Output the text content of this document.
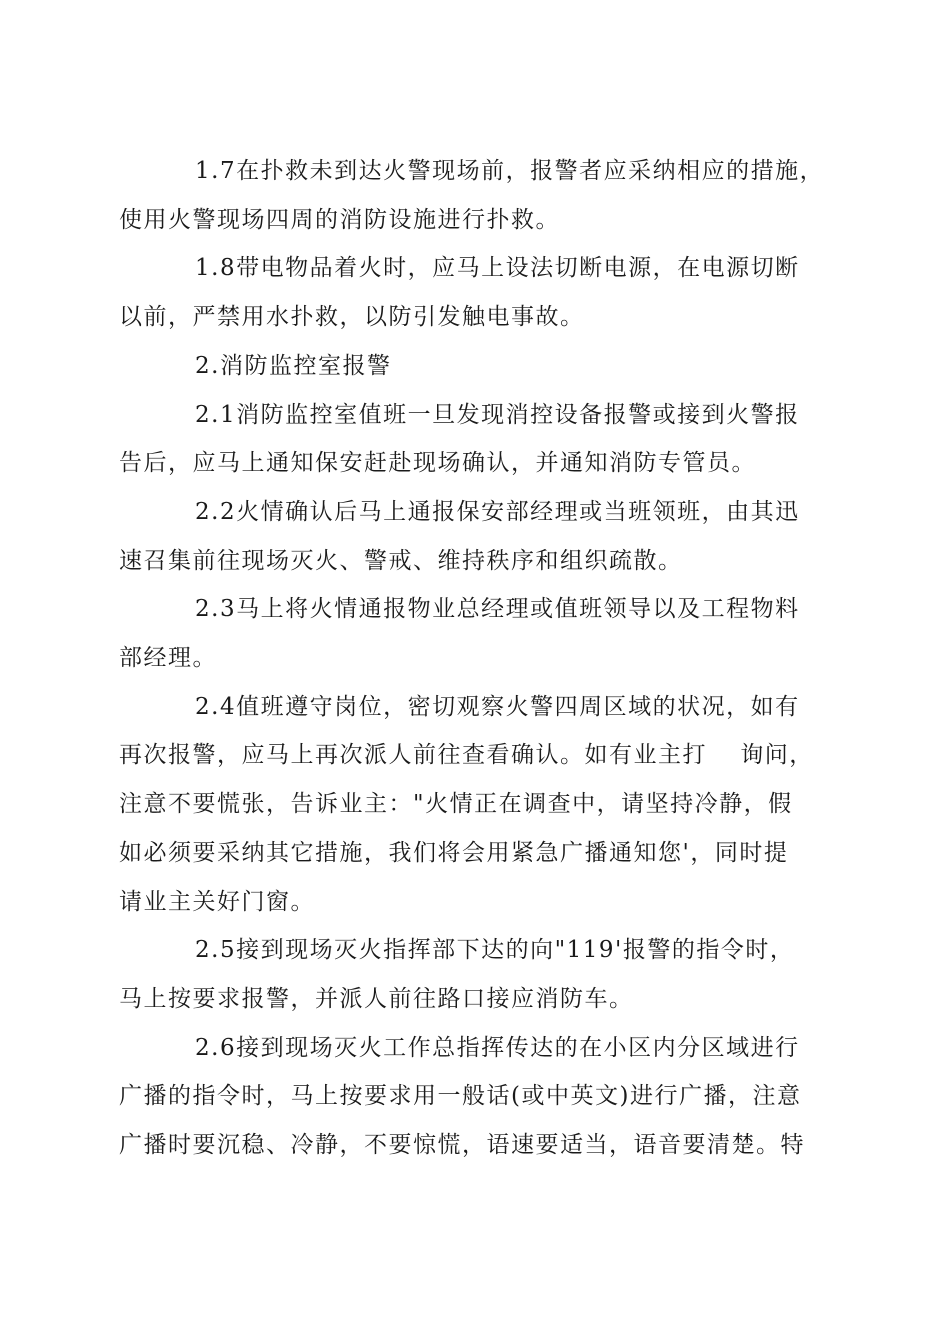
1.7在扑救未到达火警现场前，报警者应采纳相应的措施，
使用火警现场四周的消防设施进行扑救。
1.8带电物品着火时，应马上设法切断电源，在电源切断
以前，严禁用水扑救，以防引发触电事故。
2.消防监控室报警
2.1消防监控室值班一旦发现消控设备报警或接到火警报
告后，应马上通知保安赶赴现场确认，并通知消防专管员。
2.2火情确认后马上通报保安部经理或当班领班，由其迅
速召集前往现场灭火、警戒、维持秩序和组织疏散。
2.3马上将火情通报物业总经理或值班领导以及工程物料
部经理。
2.4值班遵守岗位，密切观察火警四周区域的状况，如有
再次报警，应马上再次派人前往查看确认。如有业主打　 询问，
注意不要慌张，告诉业主："火情正在调查中，请坚持冷静，假
如必须要采纳其它措施，我们将会用紧急广播通知您'，同时提
请业主关好门窗。
2.5接到现场灭火指挥部下达的向"119'报警的指令时，
马上按要求报警，并派人前往路口接应消防车。
2.6接到现场灭火工作总指挥传达的在小区内分区域进行
广播的指令时，马上按要求用一般话(或中英文)进行广播，注意
广播时要沉稳、冷静，不要惊慌，语速要适当，语音要清楚。特
